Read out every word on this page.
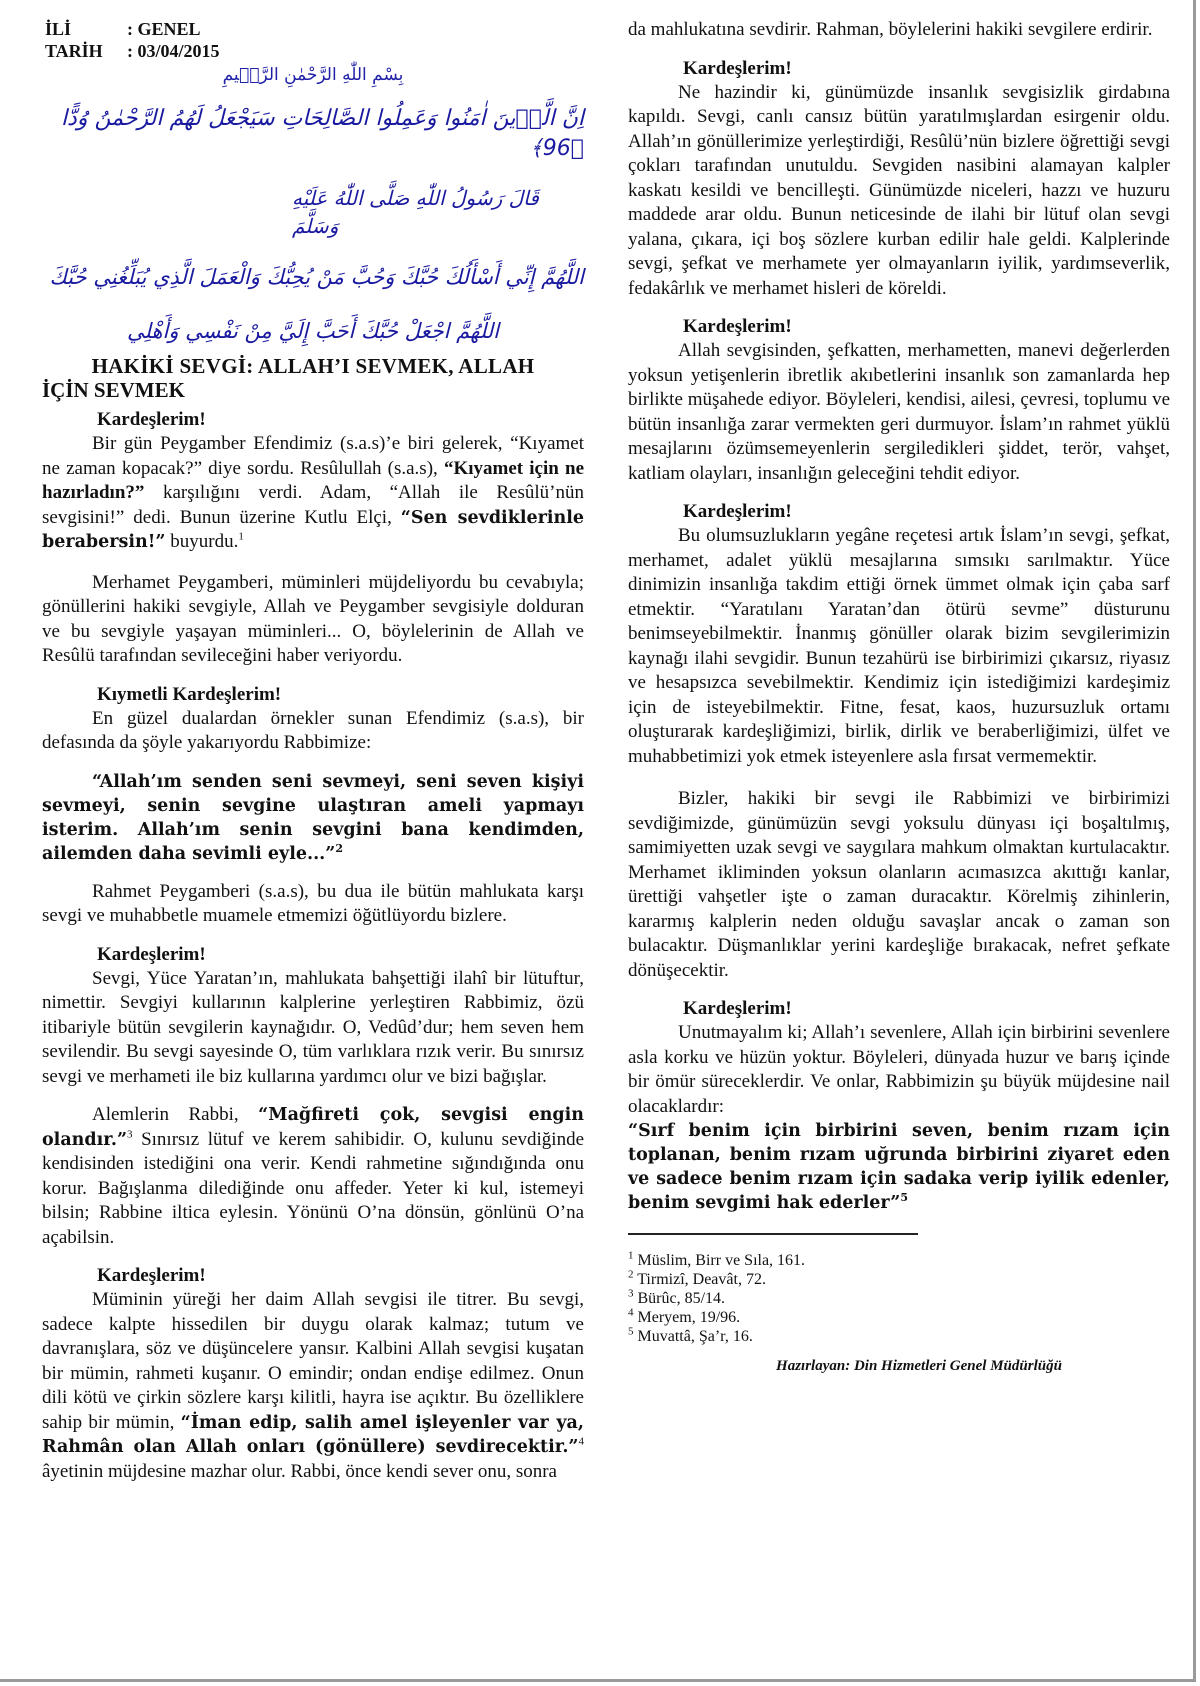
İLİ	: GENEL
TARİH : 03/04/2015
بِسْمِ اللّٰهِ الرَّحْمٰنِ الرَّح۪يمِ
اِنَّ الَّذ۪ينَ اٰمَنُوا وَعَمِلُوا الصَّالِحَاتِ سَيَجْعَلُ لَهُمُ الرَّحْمٰنُ وُدًّا ﴿96﴾
قَالَ رَسُولُ اللّٰهِ صَلَّى اللّٰهُ عَلَيْهِ وَسَلَّمَ
اللَّهُمَّ إِنِّي أَسْأَلُكَ حُبَّكَ وَحُبَّ مَنْ يُحِبُّكَ وَالْعَمَلَ الَّذِي يُبَلِّغُنِي حُبَّكَ
اللَّهُمَّ اجْعَلْ حُبَّكَ أَحَبَّ إِلَيَّ مِنْ نَفْسِي وَأَهْلِي
HAKİKİ SEVGİ: ALLAH’I SEVMEK, ALLAH
İÇİN SEVMEK
Kardeşlerim!

Bir gün Peygamber Efendimiz (s.a.s)’e biri gelerek, “Kıyamet ne zaman kopacak?” diye sordu. Resûlullah (s.a.s), “Kıyamet için ne hazırladın?” karşılığını verdi. Adam, “Allah ile Resûlü’nün sevgisini!” dedi. Bunun üzerine Kutlu Elçi, “Sen sevdiklerinle berabersin!” buyurdu.$^1$

Merhamet Peygamberi, müminleri müjdeliyordu bu cevabıyla; gönüllerini hakiki sevgiyle, Allah ve Peygamber sevgisiyle dolduran ve bu sevgiyle yaşayan müminleri... O, böylelerinin de Allah ve Resûlü tarafından sevileceğini haber veriyordu.

Kıymetli Kardeşlerim!

En güzel dualardan örnekler sunan Efendimiz (s.a.s), bir defasında da şöyle yakarıyordu Rabbimize:

“Allah’ım senden seni sevmeyi, seni seven kişiyi sevmeyi, senin sevgine ulaştıran ameli yapmayı isterim. Allah’ım senin sevgini bana kendimden, ailemden daha sevimli eyle...”$^2$

Rahmet Peygamberi (s.a.s), bu dua ile bütün mahlukata karşı sevgi ve muhabbetle muamele etmemizi öğütlüyordu bizlere.

Kardeşlerim!

Sevgi, Yüce Yaratan’ın, mahlukata bahşettiği ilahî bir lütuftur, nimettir. Sevgiyi kullarının kalplerine yerleştiren Rabbimiz, özü itibariyle bütün sevgilerin kaynağıdır. O, Vedûd’dur; hem seven hem sevilendir. Bu sevgi sayesinde O, tüm varlıklara rızık verir. Bu sınırsız sevgi ve merhameti ile biz kullarına yardımcı olur ve bizi bağışlar.

Alemlerin Rabbi, “Mağfireti çok, sevgisi engin olandır.”$^3$ Sınırsız lütuf ve kerem sahibidir. O, kulunu sevdiğinde kendisinden istediğini ona verir. Kendi rahmetine sığındığında onu korur. Bağışlanma dilediğinde onu affeder. Yeter ki kul, istemeyi bilsin; Rabbine iltica eylesin. Yönünü O’na dönsün, gönlünü O’na açabilsin.

Kardeşlerim!

Müminin yüreği her daim Allah sevgisi ile titrer. Bu sevgi, sadece kalpte hissedilen bir duygu olarak kalmaz; tutum ve davranışlara, söz ve düşüncelere yansır. Kalbini Allah sevgisi kuşatan bir mümin, rahmeti kuşanır. O emindir; ondan endişe edilmez. Onun dili kötü ve çirkin sözlere karşı kilitli, hayra ise açıktır. Bu özelliklere sahip bir mümin, “İman edip, salih amel işleyenler var ya, Rahmân olan Allah onları (gönüllere) sevdirecektir.”$^4$ âyetinin müjdesine mazhar olur. Rabbi, önce kendi sever onu, sonra

da mahlukatına sevdirir. Rahman, böylelerini hakiki sevgilere erdirir.

Kardeşlerim!

Ne hazindir ki, günümüzde insanlık sevgisizlik girdabına kapıldı. Sevgi, canlı cansız bütün yaratılmışlardan esirgenir oldu. Allah’ın gönüllerimize yerleştirdiği, Resûlü’nün bizlere öğrettiği sevgi çokları tarafından unutuldu. Sevgiden nasibini alamayan kalpler kaskatı kesildi ve bencilleşti. Günümüzde niceleri, hazzı ve huzuru maddede arar oldu. Bunun neticesinde de ilahi bir lütuf olan sevgi yalana, çıkara, içi boş sözlere kurban edilir hale geldi. Kalplerinde sevgi, şefkat ve merhamete yer olmayanların iyilik, yardımseverlik, fedakârlık ve merhamet hisleri de köreldi.

Kardeşlerim!

Allah sevgisinden, şefkatten, merhametten, manevi değerlerden yoksun yetişenlerin ibretlik akıbetlerini insanlık son zamanlarda hep birlikte müşahede ediyor. Böyleleri, kendisi, ailesi, çevresi, toplumu ve bütün insanlığa zarar vermekten geri durmuyor. İslam’ın rahmet yüklü mesajlarını özümsemeyenlerin sergiledikleri şiddet, terör, vahşet, katliam olayları, insanlığın geleceğini tehdit ediyor.

Kardeşlerim!

Bu olumsuzlukların yegâne reçetesi artık İslam’ın sevgi, şefkat, merhamet, adalet yüklü mesajlarına sımsıkı sarılmaktır. Yüce dinimizin insanlığa takdim ettiği örnek ümmet olmak için çaba sarf etmektir. “Yaratılanı Yaratan’dan ötürü sevme” düsturunu benimseyebilmektir. İnanmış gönüller olarak bizim sevgilerimizin kaynağı ilahi sevgidir. Bunun tezahürü ise birbirimizi çıkarsız, riyasız ve hesapsızca sevebilmektir. Kendimiz için istediğimizi kardeşimiz için de isteyebilmektir. Fitne, fesat, kaos, huzursuzluk ortamı oluşturarak kardeşliğimizi, birlik, dirlik ve beraberliğimizi, ülfet ve muhabbetimizi yok etmek isteyenlere asla fırsat vermemektir.

Bizler, hakiki bir sevgi ile Rabbimizi ve birbirimizi sevdiğimizde, günümüzün sevgi yoksulu dünyası içi boşaltılmış, samimiyetten uzak sevgi ve saygılara mahkum olmaktan kurtulacaktır. Merhamet ikliminden yoksun olanların acımasızca akıttığı kanlar, ürettiği vahşetler işte o zaman duracaktır. Körelmiş zihinlerin, kararmış kalplerin neden olduğu savaşlar ancak o zaman son bulacaktır. Düşmanlıklar yerini kardeşliğe bırakacak, nefret şefkate dönüşecektir.

Kardeşlerim!

Unutmayalım ki; Allah’ı sevenlere, Allah için birbirini sevenlere asla korku ve hüzün yoktur. Böyleleri, dünyada huzur ve barış içinde bir ömür süreceklerdir. Ve onlar, Rabbimizin şu büyük müjdesine nail olacaklardır:

“Sırf benim için birbirini seven, benim rızam için toplanan, benim rızam uğrunda birbirini ziyaret eden ve sadece benim rızam için sadaka verip iyilik edenler, benim sevgimi hak ederler”$^5$

$^1$ Müslim, Birr ve Sıla, 161.
$^2$ Tirmizî, Deavât, 72.
$^3$ Bürûc, 85/14.
$^4$ Meryem, 19/96.
$^5$ Muvattâ, Şa’r, 16.
Hazırlayan: Din Hizmetleri Genel Müdürlüğü
